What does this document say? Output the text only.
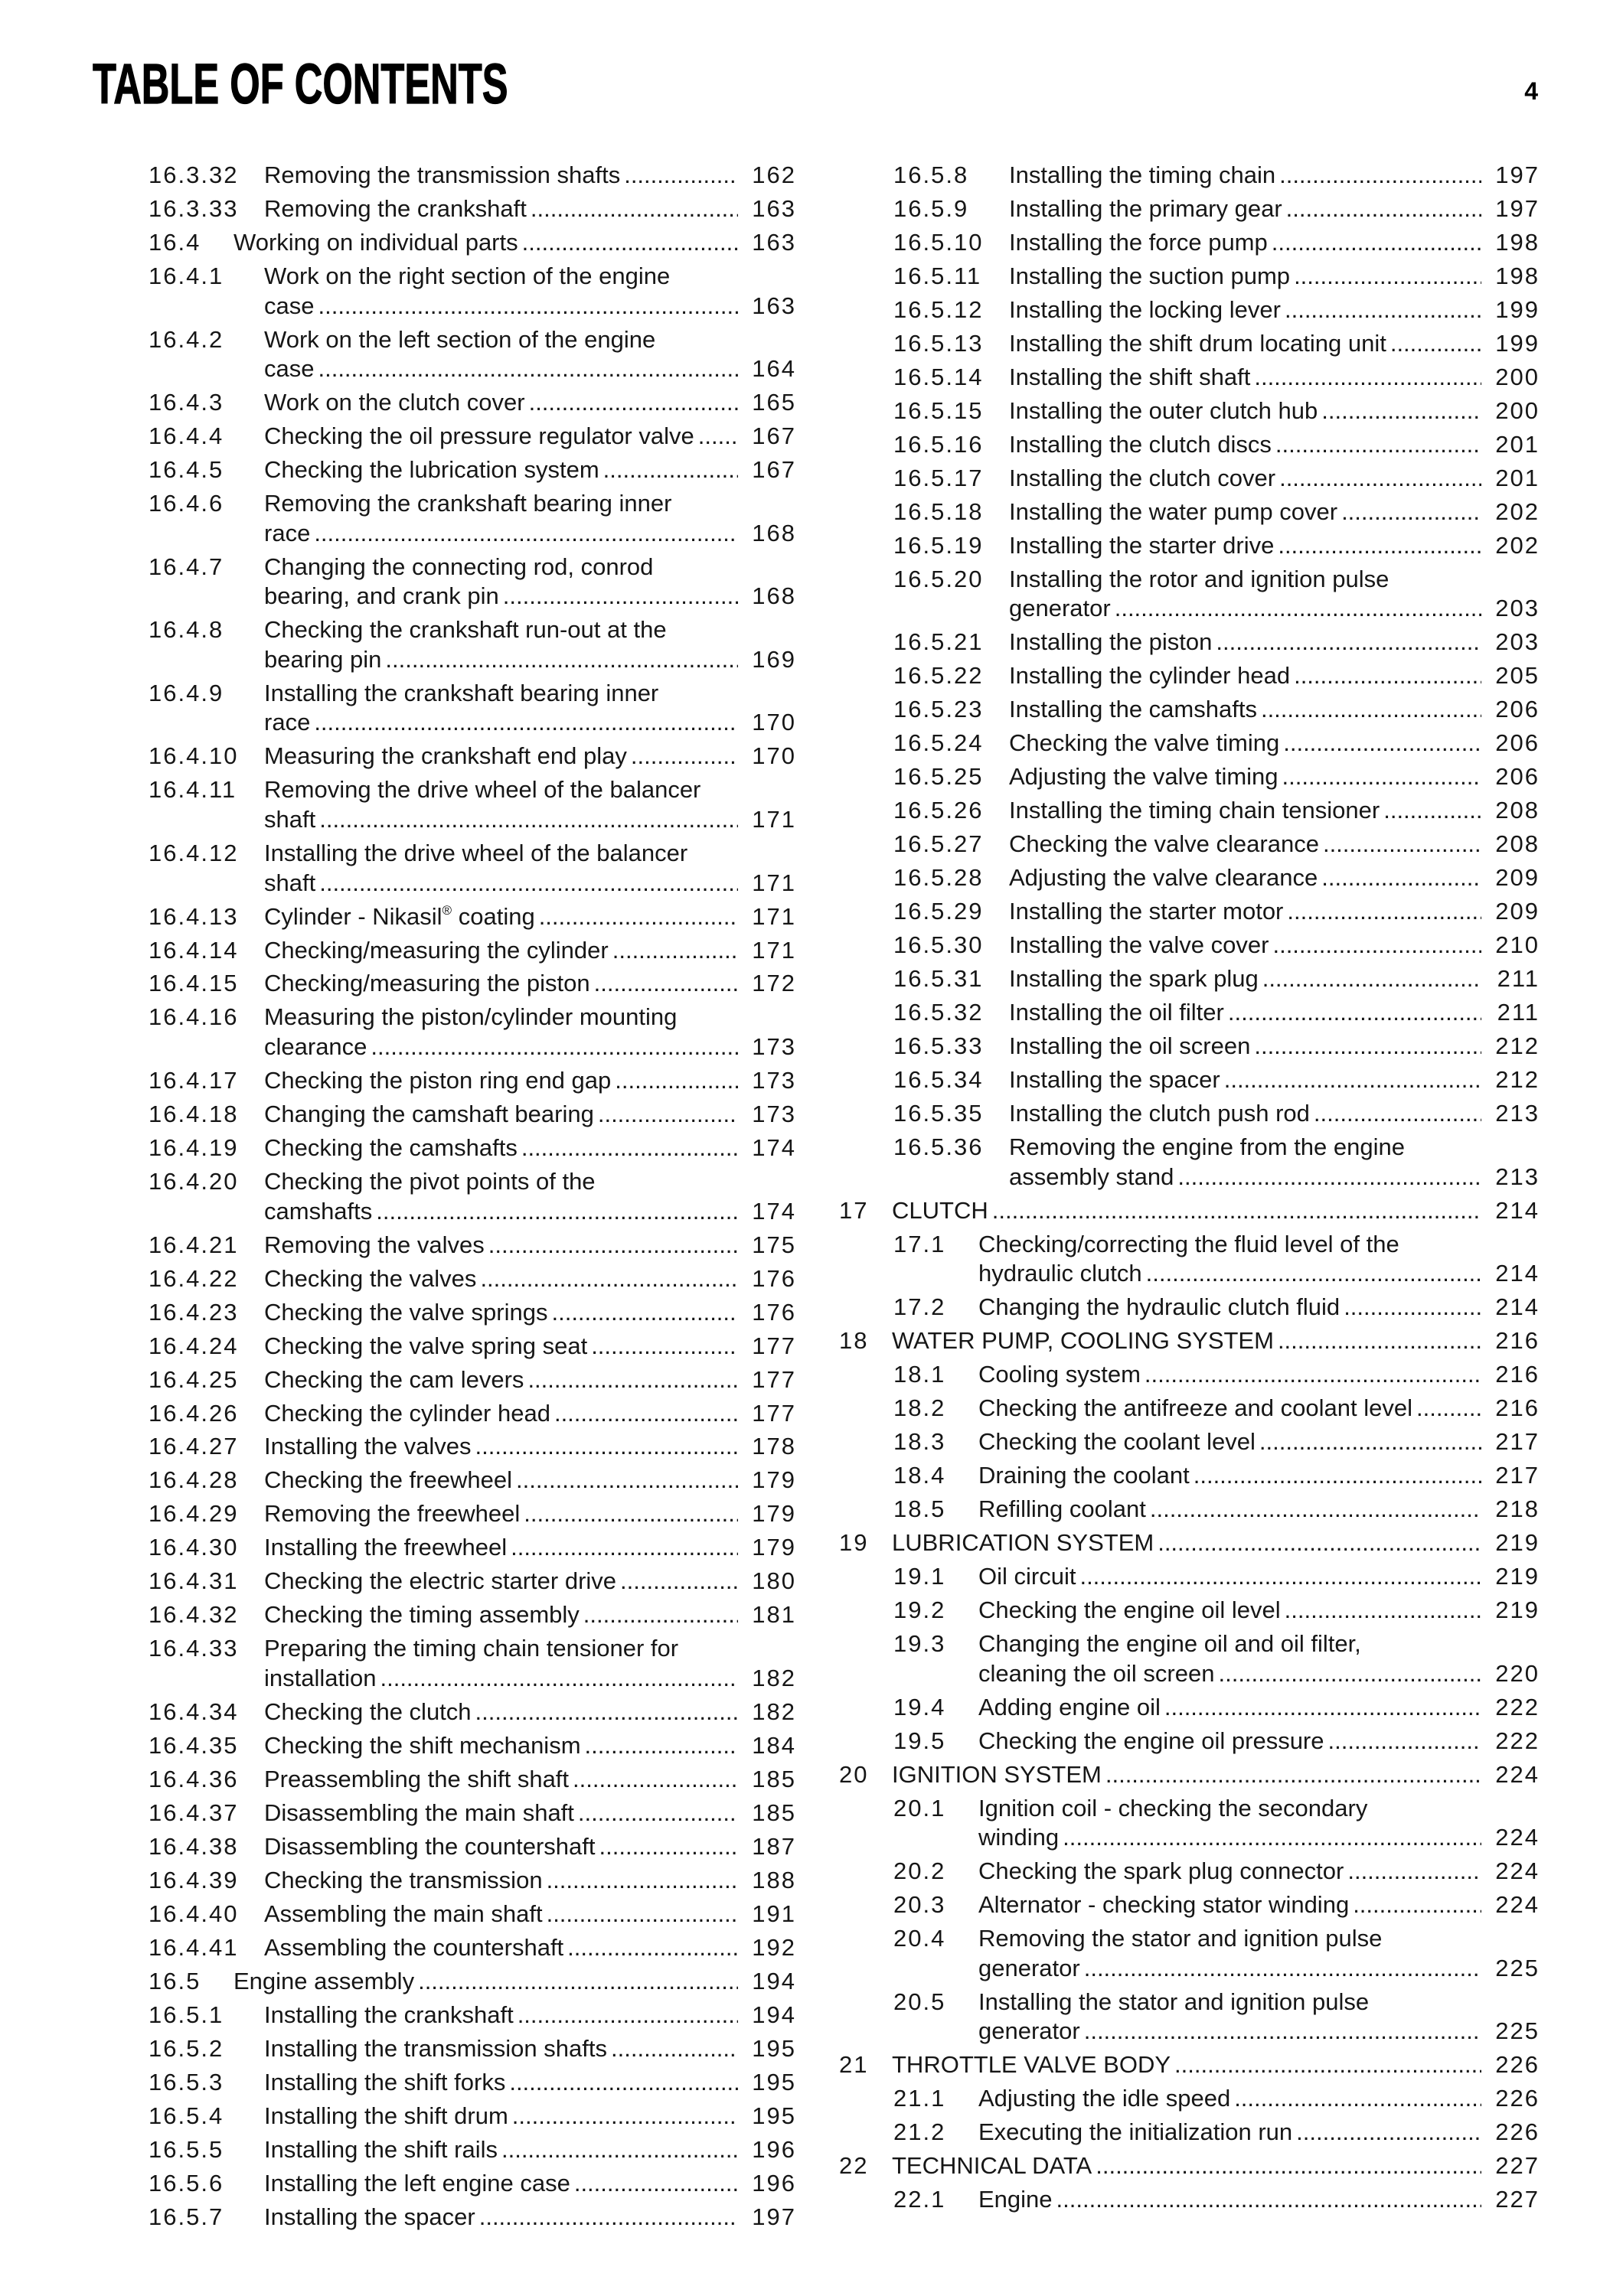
TABLE OF CONTENTS	4
16.3.32 Removing the transmission shafts .....	162
16.3.33 Removing the crankshaft .....	163
16.4 Working on individual parts .....	163
16.4.1 Work on the right section of the engine
case .....	163
16.4.2 Work on the left section of the engine
case .....	164
16.4.3 Work on the clutch cover .....	165
16.4.4 Checking the oil pressure regulator valve ..... 167
16.4.5 Checking the lubrication system .....	167
16.4.6 Removing the crankshaft bearing inner
race .....	168
16.4.7 Changing the connecting rod, conrod
bearing, and crank pin .....	168
16.4.8 Checking the crankshaft run-out at the
bearing pin .....	169
16.4.9 Installing the crankshaft bearing inner
race .....	170
16.4.10 Measuring the crankshaft end play .....	170
16.4.11 Removing the drive wheel of the balancer
shaft .....	171
16.4.12 Installing the drive wheel of the balancer
shaft .....	171
16.4.13 Cylinder - Nikasil® coating .....	171
16.4.14 Checking/measuring the cylinder .....	171
16.4.15 Checking/measuring the piston .....	172
16.4.16 Measuring the piston/cylinder mounting
clearance .....	173
16.4.17 Checking the piston ring end gap .....	173
16.4.18 Changing the camshaft bearing .....	173
16.4.19 Checking the camshafts .....	174
16.4.20 Checking the pivot points of the
camshafts .....	174
16.4.21 Removing the valves .....	175
16.4.22 Checking the valves .....	176
16.4.23 Checking the valve springs .....	176
16.4.24 Checking the valve spring seat .....	177
16.4.25 Checking the cam levers .....	177
16.4.26 Checking the cylinder head .....	177
16.4.27 Installing the valves .....	178
16.4.28 Checking the freewheel .....	179
16.4.29 Removing the freewheel .....	179
16.4.30 Installing the freewheel .....	179
16.4.31 Checking the electric starter drive .....	180
16.4.32 Checking the timing assembly .....	181
16.4.33 Preparing the timing chain tensioner for
installation .....	182
16.4.34 Checking the clutch .....	182
16.4.35 Checking the shift mechanism .....	184
16.4.36 Preassembling the shift shaft .....	185
16.4.37 Disassembling the main shaft .....	185
16.4.38 Disassembling the countershaft .....	187
16.4.39 Checking the transmission .....	188
16.4.40 Assembling the main shaft .....	191
16.4.41 Assembling the countershaft .....	192
16.5 Engine assembly .....	194
16.5.1 Installing the crankshaft .....	194
16.5.2 Installing the transmission shafts .....	195
16.5.3 Installing the shift forks .....	195
16.5.4 Installing the shift drum .....	195
16.5.5 Installing the shift rails .....	196
16.5.6 Installing the left engine case .....	196
16.5.7 Installing the spacer .....	197
16.5.8 Installing the timing chain .....	197
16.5.9 Installing the primary gear .....	197
16.5.10 Installing the force pump .....	198
16.5.11 Installing the suction pump .....	198
16.5.12 Installing the locking lever .....	199
16.5.13 Installing the shift drum locating unit .....	199
16.5.14 Installing the shift shaft .....	200
16.5.15 Installing the outer clutch hub .....	200
16.5.16 Installing the clutch discs .....	201
16.5.17 Installing the clutch cover .....	201
16.5.18 Installing the water pump cover .....	202
16.5.19 Installing the starter drive .....	202
16.5.20 Installing the rotor and ignition pulse
generator .....	203
16.5.21 Installing the piston .....	203
16.5.22 Installing the cylinder head .....	205
16.5.23 Installing the camshafts .....	206
16.5.24 Checking the valve timing .....	206
16.5.25 Adjusting the valve timing .....	206
16.5.26 Installing the timing chain tensioner .....	208
16.5.27 Checking the valve clearance .....	208
16.5.28 Adjusting the valve clearance .....	209
16.5.29 Installing the starter motor .....	209
16.5.30 Installing the valve cover .....	210
16.5.31 Installing the spark plug .....	211
16.5.32 Installing the oil filter .....	211
16.5.33 Installing the oil screen .....	212
16.5.34 Installing the spacer .....	212
16.5.35 Installing the clutch push rod .....	213
16.5.36 Removing the engine from the engine
assembly stand .....	213
17 CLUTCH .....	214
17.1 Checking/correcting the fluid level of the
hydraulic clutch .....	214
17.2 Changing the hydraulic clutch fluid .....	214
18 WATER PUMP, COOLING SYSTEM .....	216
18.1 Cooling system .....	216
18.2 Checking the antifreeze and coolant level .....	216
18.3 Checking the coolant level .....	217
18.4 Draining the coolant .....	217
18.5 Refilling coolant .....	218
19 LUBRICATION SYSTEM .....	219
19.1 Oil circuit .....	219
19.2 Checking the engine oil level .....	219
19.3 Changing the engine oil and oil filter,
cleaning the oil screen .....	220
19.4 Adding engine oil .....	222
19.5 Checking the engine oil pressure .....	222
20 IGNITION SYSTEM .....	224
20.1 Ignition coil - checking the secondary
winding .....	224
20.2 Checking the spark plug connector .....	224
20.3 Alternator - checking stator winding .....	224
20.4 Removing the stator and ignition pulse
generator .....	225
20.5 Installing the stator and ignition pulse
generator .....	225
21 THROTTLE VALVE BODY .....	226
21.1 Adjusting the idle speed .....	226
21.2 Executing the initialization run .....	226
22 TECHNICAL DATA .....	227
22.1 Engine .....	227
